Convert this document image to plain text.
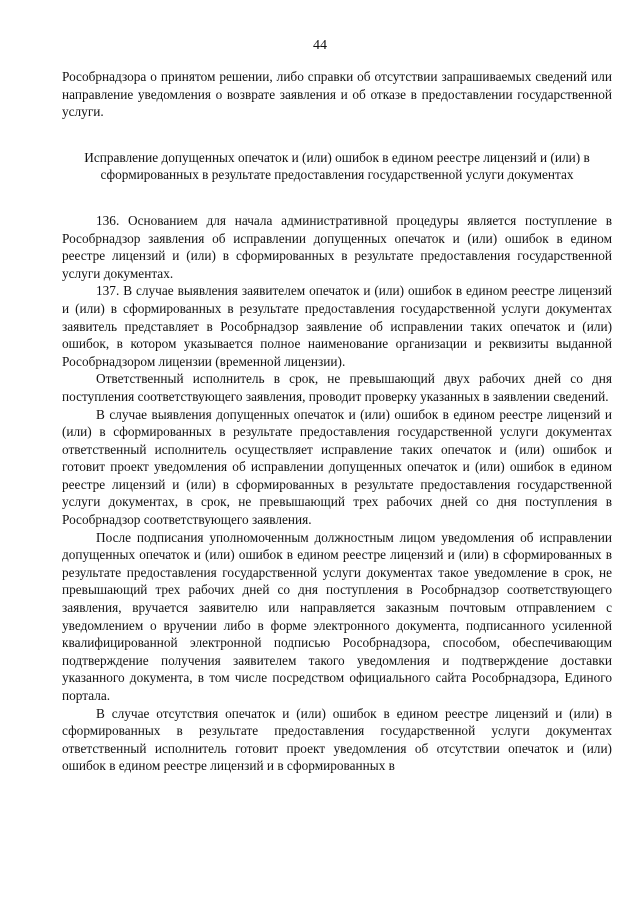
44

Рособрнадзора о принятом решении, либо справки об отсутствии запрашиваемых сведений или направление уведомления о возврате заявления и об отказе в предоставлении государственной услуги.

Исправление допущенных опечаток и (или) ошибок в едином реестре лицензий и (или) в сформированных в результате предоставления государственной услуги документах

136. Основанием для начала административной процедуры является поступление в Рособрнадзор заявления об исправлении допущенных опечаток и (или) ошибок в едином реестре лицензий и (или) в сформированных в результате предоставления государственной услуги документах.

137. В случае выявления заявителем опечаток и (или) ошибок в едином реестре лицензий и (или) в сформированных в результате предоставления государственной услуги документах заявитель представляет в Рособрнадзор заявление об исправлении таких опечаток и (или) ошибок, в котором указывается полное наименование организации и реквизиты выданной Рособрнадзором лицензии (временной лицензии).

Ответственный исполнитель в срок, не превышающий двух рабочих дней со дня поступления соответствующего заявления, проводит проверку указанных в заявлении сведений.

В случае выявления допущенных опечаток и (или) ошибок в едином реестре лицензий и (или) в сформированных в результате предоставления государственной услуги документах ответственный исполнитель осуществляет исправление таких опечаток и (или) ошибок и готовит проект уведомления об исправлении допущенных опечаток и (или) ошибок в едином реестре лицензий и (или) в сформированных в результате предоставления государственной услуги документах, в срок, не превышающий трех рабочих дней со дня поступления в Рособрнадзор соответствующего заявления.

После подписания уполномоченным должностным лицом уведомления об исправлении допущенных опечаток и (или) ошибок в едином реестре лицензий и (или) в сформированных в результате предоставления государственной услуги документах такое уведомление в срок, не превышающий трех рабочих дней со дня поступления в Рособрнадзор соответствующего заявления, вручается заявителю или направляется заказным почтовым отправлением с уведомлением о вручении либо в форме электронного документа, подписанного усиленной квалифицированной электронной подписью Рособрнадзора, способом, обеспечивающим подтверждение получения заявителем такого уведомления и подтверждение доставки указанного документа, в том числе посредством официального сайта Рособрнадзора, Единого портала.

В случае отсутствия опечаток и (или) ошибок в едином реестре лицензий и (или) в сформированных в результате предоставления государственной услуги документах ответственный исполнитель готовит проект уведомления об отсутствии опечаток и (или) ошибок в едином реестре лицензий и в сформированных в
